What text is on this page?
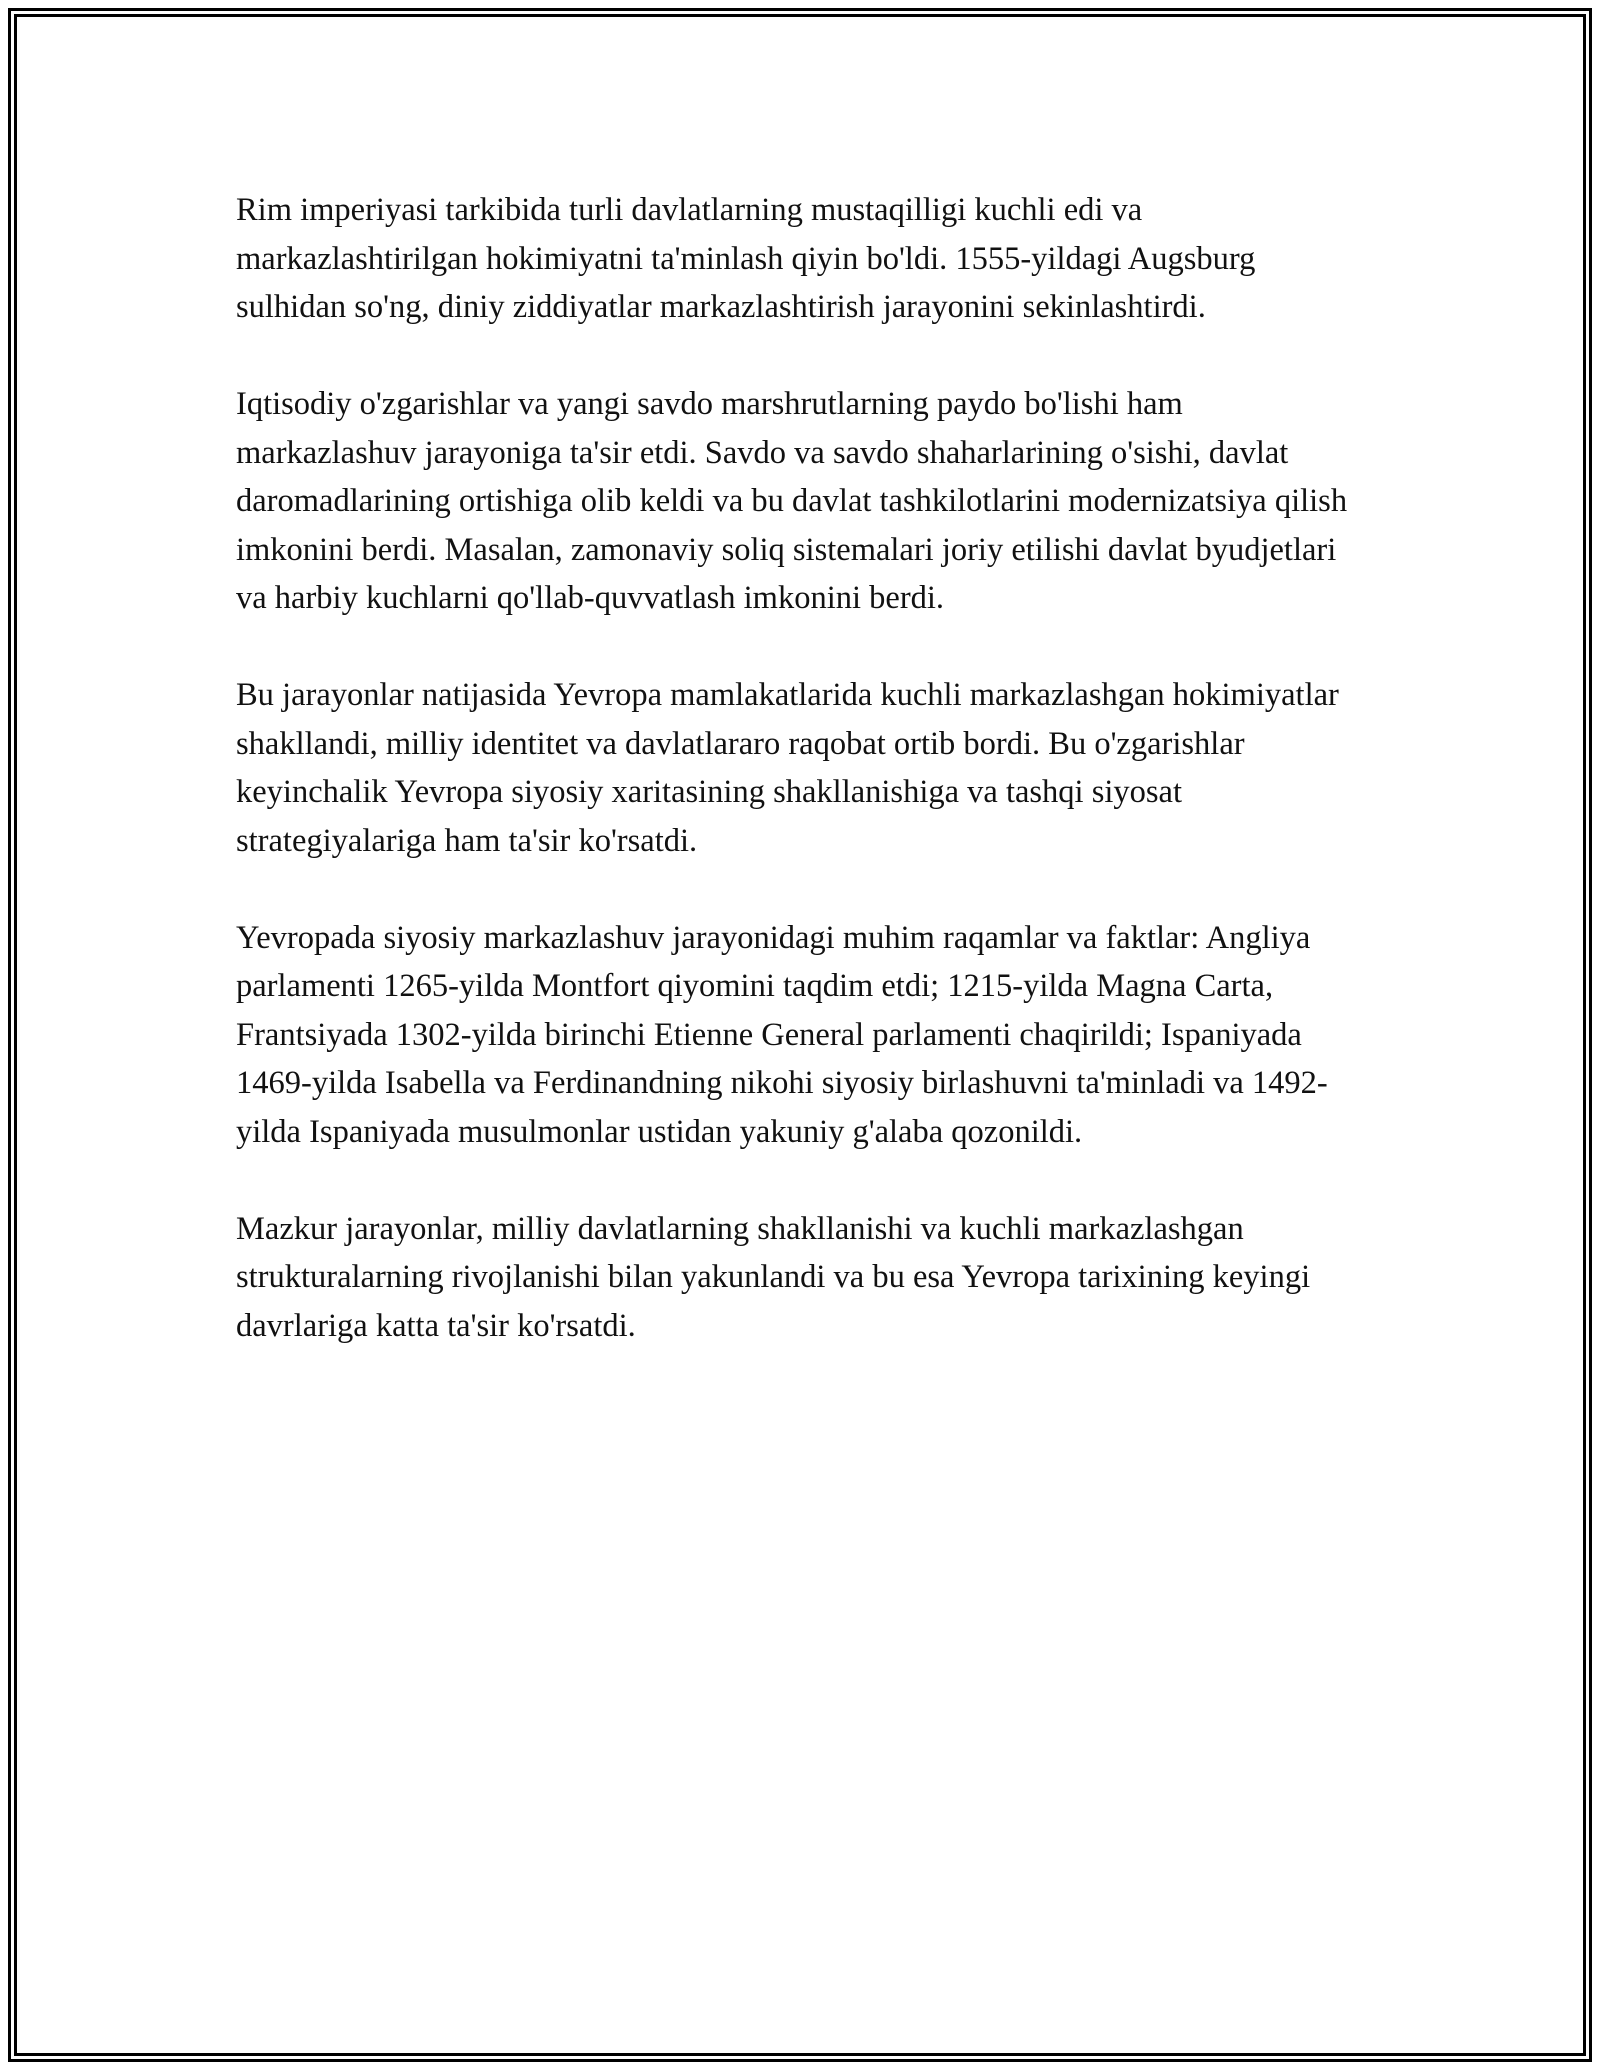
Rim imperiyasi tarkibida turli davlatlarning mustaqilligi kuchli edi va markazlashtirilgan hokimiyatni ta'minlash qiyin bo'ldi. 1555-yildagi Augsburg sulhidan so'ng, diniy ziddiyatlar markazlashtirish jarayonini sekinlashtirdi.

Iqtisodiy o'zgarishlar va yangi savdo marshrutlarning paydo bo'lishi ham markazlashuv jarayoniga ta'sir etdi. Savdo va savdo shaharlarining o'sishi, davlat daromadlarining ortishiga olib keldi va bu davlat tashkilotlarini modernizatsiya qilish imkonini berdi. Masalan, zamonaviy soliq sistemalari joriy etilishi davlat byudjetlari va harbiy kuchlarni qo'llab-quvvatlash imkonini berdi.

Bu jarayonlar natijasida Yevropa mamlakatlarida kuchli markazlashgan hokimiyatlar shakllandi, milliy identitet va davlatlararo raqobat ortib bordi. Bu o'zgarishlar keyinchalik Yevropa siyosiy xaritasining shakllanishiga va tashqi siyosat strategiyalariga ham ta'sir ko'rsatdi.

Yevropada siyosiy markazlashuv jarayonidagi muhim raqamlar va faktlar: Angliya parlamenti 1265-yilda Montfort qiyomini taqdim etdi; 1215-yilda Magna Carta, Frantsiyada 1302-yilda birinchi Etienne General parlamenti chaqirildi; Ispaniyada 1469-yilda Isabella va Ferdinandning nikohi siyosiy birlashuvni ta'minladi va 1492-yilda Ispaniyada musulmonlar ustidan yakuniy g'alaba qozonildi.

Mazkur jarayonlar, milliy davlatlarning shakllanishi va kuchli markazlashgan strukturalarning rivojlanishi bilan yakunlandi va bu esa Yevropa tarixining keyingi davrlariga katta ta'sir ko'rsatdi.
